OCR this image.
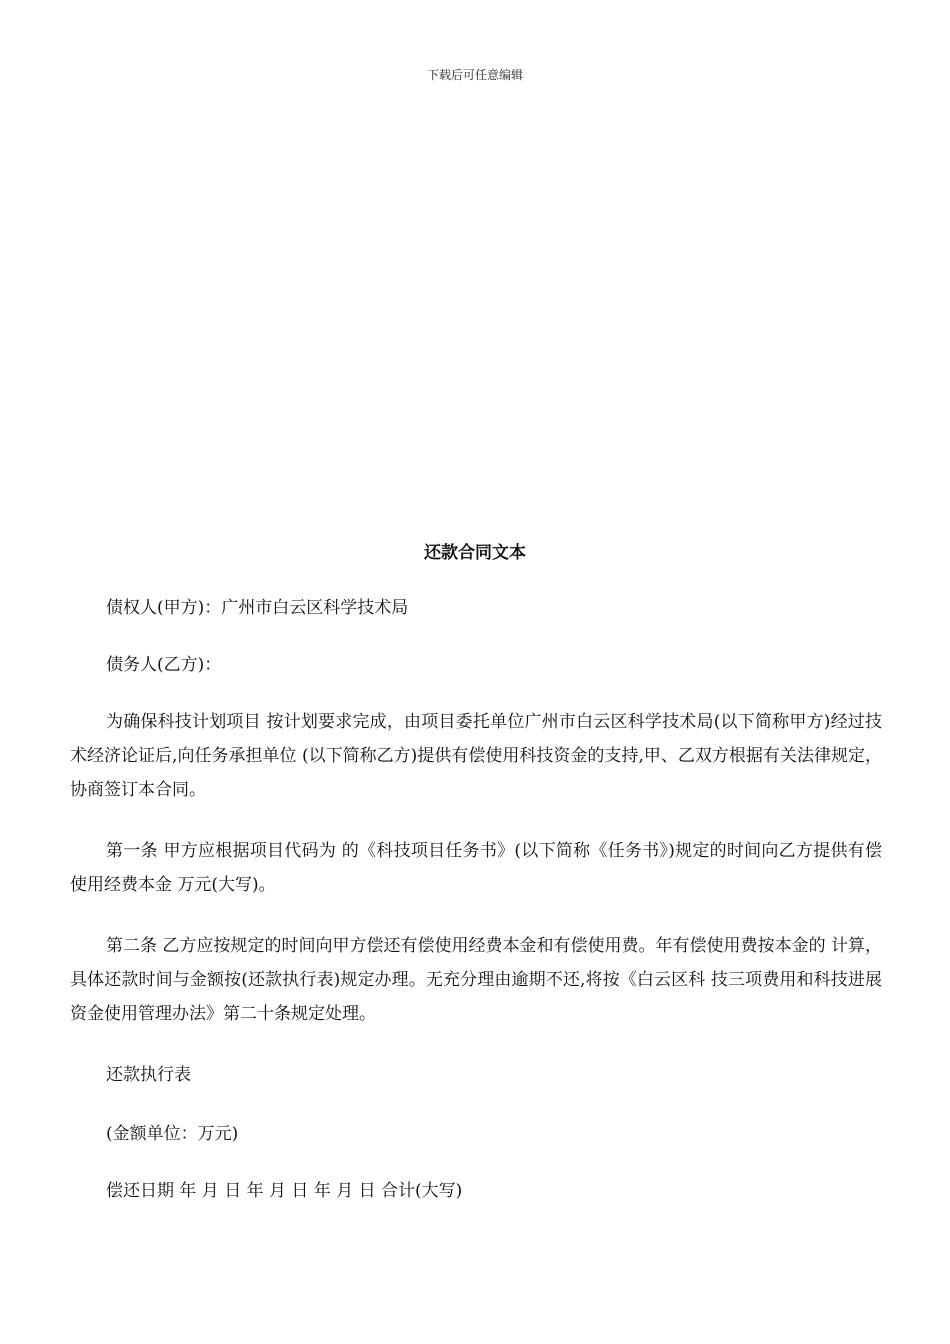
下载后可任意编辑
还款合同文本

债权人(甲方)：广州市白云区科学技术局

债务人(乙方)：

为确保科技计划项目 按计划要求完成，由项目委托单位广州市白云区科学技术局(以下简称甲方)经过技术经济论证后,向任务承担单位 (以下简称乙方)提供有偿使用科技资金的支持,甲、乙双方根据有关法律规定，协商签订本合同。

第一条 甲方应根据项目代码为 的《科技项目任务书》(以下简称《任务书》)规定的时间向乙方提供有偿使用经费本金 万元(大写)。

第二条 乙方应按规定的时间向甲方偿还有偿使用经费本金和有偿使用费。年有偿使用费按本金的 计算，具体还款时间与金额按(还款执行表)规定办理。无充分理由逾期不还,将按《白云区科 技三项费用和科技进展资金使用管理办法》第二十条规定处理。

还款执行表

(金额单位：万元)

偿还日期 年 月 日 年 月 日 年 月 日 合计(大写)
